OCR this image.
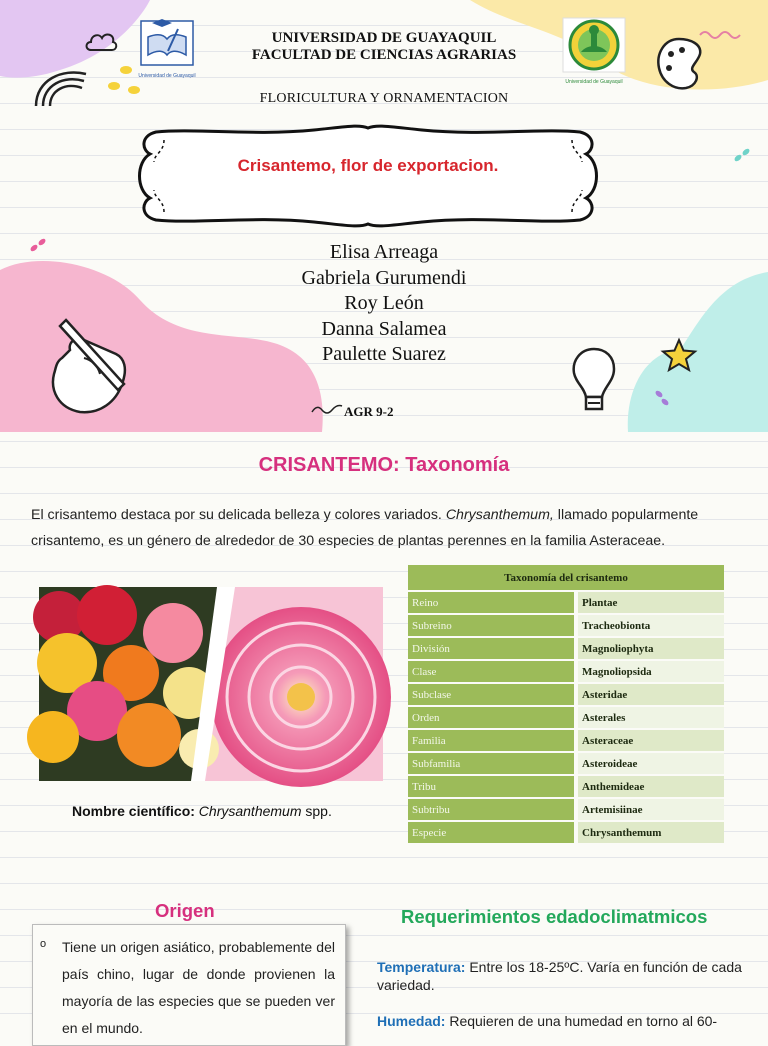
Universidad de Guayaquil
Universidad de Guayaquil
UNIVERSIDAD DE GUAYAQUIL
FACULTAD DE CIENCIAS AGRARIAS
FLORICULTURA Y ORNAMENTACION
Crisantemo, flor de exportacion.
Elisa Arreaga
Gabriela Gurumendi
Roy León
Danna Salamea
Paulette Suarez
AGR 9-2
CRISANTEMO: Taxonomía
El crisantemo destaca por su delicada belleza y colores variados. Chrysanthemum, llamado popularmente crisantemo, es un género de alrededor de 30 especies de plantas perennes en la familia Asteraceae.
Nombre científico: Chrysanthemum spp.
Taxonomía del crisantemo	
Reino	Plantae
Subreino	Tracheobionta
División	Magnoliophyta
Clase	Magnoliopsida
Subclase	Asteridae
Orden	Asterales
Familia	Asteraceae
Subfamilia	Asteroideae
Tribu	Anthemideae
Subtribu	Artemisiinae
Especie	Chrysanthemum
Origen
o Tiene un origen asiático, probablemente del país chino, lugar de donde provienen la mayoría de las especies que se pueden ver en el mundo.
Requerimientos edadoclimatmicos
Temperatura: Entre los 18-25ºC. Varía en función de cada variedad.
Humedad: Requieren de una humedad en torno al 60-
